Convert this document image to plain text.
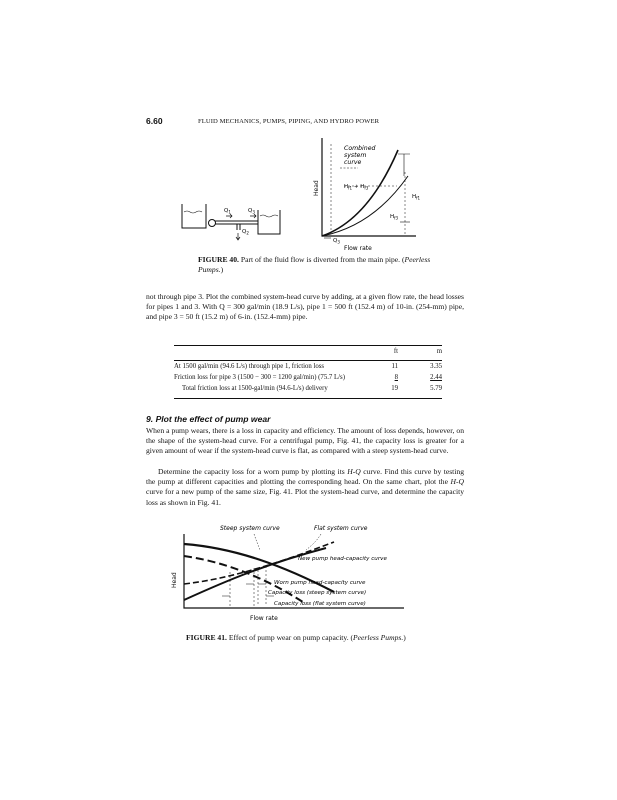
6.60	FLUID MECHANICS, PUMPS, PIPING, AND HYDRO POWER
$Q_1$	$Q_3$
$Q_2$
Combined
system
curve
Head	$H_{f1} + H_{f3}$
$H_{f1}$
$H_{f3}$
$Q_3$
Flow rate
FIGURE 40. Part of the fluid flow is diverted from the main pipe. (Peerless Pumps.)
not through pipe 3. Plot the combined system-head curve by adding, at a given flow rate, the head losses for pipes 1 and 3. With Q = 300 gal/min (18.9 L/s), pipe 1 = 500 ft (152.4 m) of 10-in. (254-mm) pipe, and pipe 3 = 50 ft (15.2 m) of 6-in. (152.4-mm) pipe.
ft	m
At 1500 gal/min (94.6 L/s) through pipe 1, friction loss	11	3.35
Friction loss for pipe 3 (1500 − 300 = 1200 gal/min) (75.7 L/s)	8	2.44
Total friction loss at 1500-gal/min (94.6-L/s) delivery	19	5.79
9. Plot the effect of pump wear
When a pump wears, there is a loss in capacity and efficiency. The amount of loss depends, however, on the shape of the system-head curve. For a centrifugal pump, Fig. 41, the capacity loss is greater for a given amount of wear if the system-head curve is flat, as compared with a steep system-head curve.
Determine the capacity loss for a worn pump by plotting its H-Q curve. Find this curve by testing the pump at different capacities and plotting the corresponding head. On the same chart, plot the H-Q curve for a new pump of the same size, Fig. 41. Plot the system-head curve, and determine the capacity loss as shown in Fig. 41.
Steep system curve	Flat system curve
Head
New pump head-capacity curve
Worn pump head-capacity curve
Capacity loss (steep system curve)
Capacity loss (flat system curve)
Flow rate
FIGURE 41. Effect of pump wear on pump capacity. (Peerless Pumps.)
